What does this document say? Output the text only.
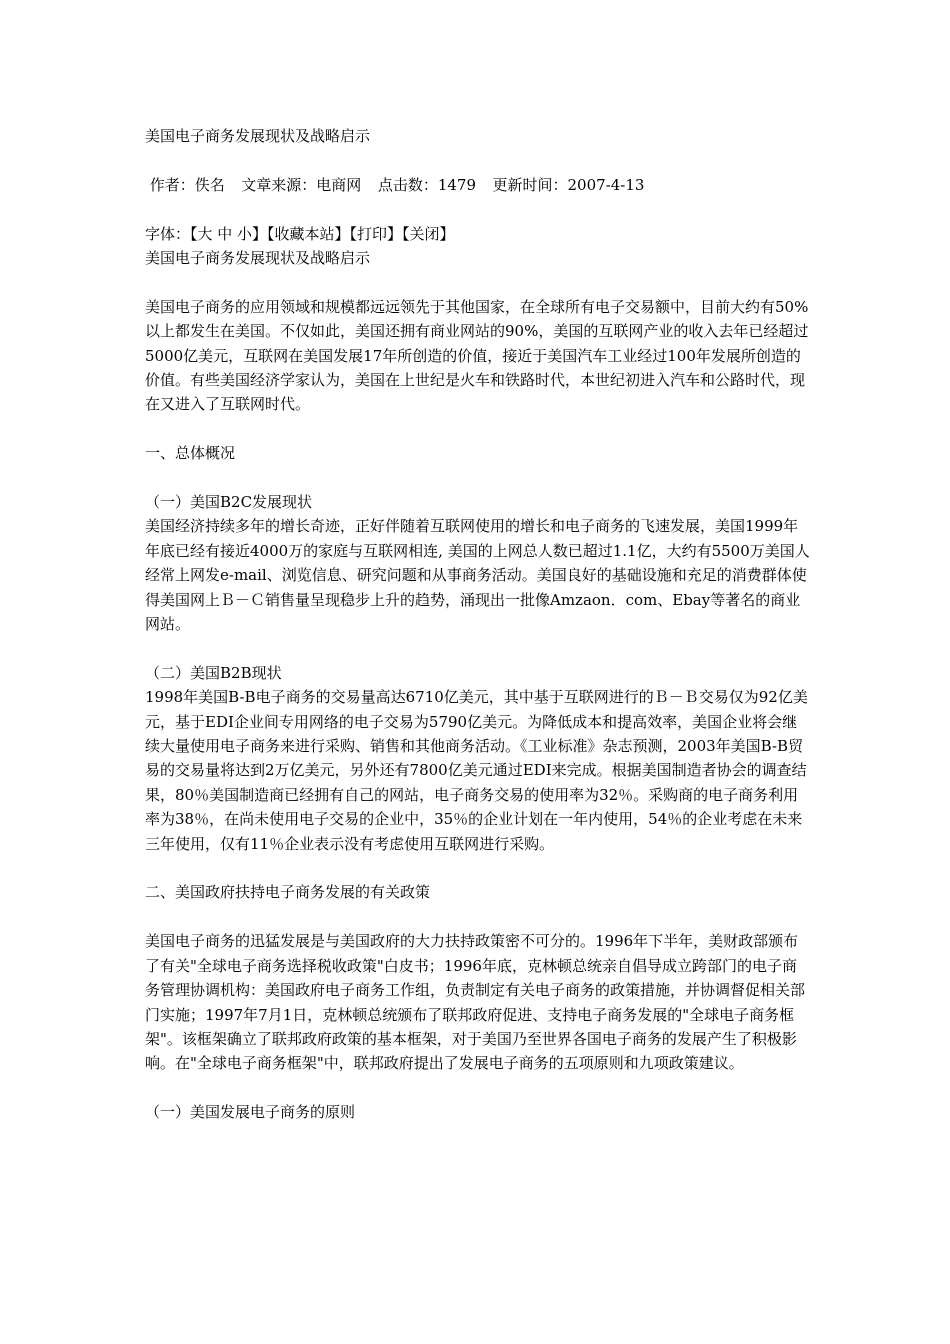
美国电子商务发展现状及战略启示

作者：佚名 文章来源：电商网 点击数：1479 更新时间：2007-4-13

字体：【大 中 小】【收藏本站】【打印】【关闭】

美国电子商务发展现状及战略启示

美国电子商务的应用领域和规模都远远领先于其他国家，在全球所有电子交易额中，目前大约有50%以上都发生在美国。不仅如此，美国还拥有商业网站的90%，美国的互联网产业的收入去年已经超过5000亿美元，互联网在美国发展17年所创造的价值，接近于美国汽车工业经过100年发展所创造的价值。有些美国经济学家认为，美国在上世纪是火车和铁路时代，本世纪初进入汽车和公路时代，现在又进入了互联网时代。

一、总体概况

（一）美国B2C发展现状

美国经济持续多年的增长奇迹，正好伴随着互联网使用的增长和电子商务的飞速发展，美国1999年年底已经有接近4000万的家庭与互联网相连, 美国的上网总人数已超过1.1亿，大约有5500万美国人经常上网发e-mail、浏览信息、研究问题和从事商务活动。美国良好的基础设施和充足的消费群体使得美国网上Ｂ－Ｃ销售量呈现稳步上升的趋势，涌现出一批像Amzaon．com、Ebay等著名的商业网站。

（二）美国B2B现状

1998年美国B-B电子商务的交易量高达6710亿美元，其中基于互联网进行的Ｂ－Ｂ交易仅为92亿美元，基于EDI企业间专用网络的电子交易为5790亿美元。为降低成本和提高效率，美国企业将会继续大量使用电子商务来进行采购、销售和其他商务活动。《工业标准》杂志预测，2003年美国B-B贸易的交易量将达到2万亿美元，另外还有7800亿美元通过EDI来完成。根据美国制造者协会的调查结果，80％美国制造商已经拥有自己的网站，电子商务交易的使用率为32％。采购商的电子商务利用率为38％，在尚未使用电子交易的企业中，35％的企业计划在一年内使用，54％的企业考虑在未来三年使用，仅有11％企业表示没有考虑使用互联网进行采购。

二、美国政府扶持电子商务发展的有关政策

美国电子商务的迅猛发展是与美国政府的大力扶持政策密不可分的。1996年下半年，美财政部颁布了有关"全球电子商务选择税收政策"白皮书；1996年底，克林顿总统亲自倡导成立跨部门的电子商务管理协调机构：美国政府电子商务工作组，负责制定有关电子商务的政策措施，并协调督促相关部门实施；1997年7月1日，克林顿总统颁布了联邦政府促进、支持电子商务发展的"全球电子商务框架"。该框架确立了联邦政府政策的基本框架，对于美国乃至世界各国电子商务的发展产生了积极影响。在"全球电子商务框架"中，联邦政府提出了发展电子商务的五项原则和九项政策建议。

（一）美国发展电子商务的原则
